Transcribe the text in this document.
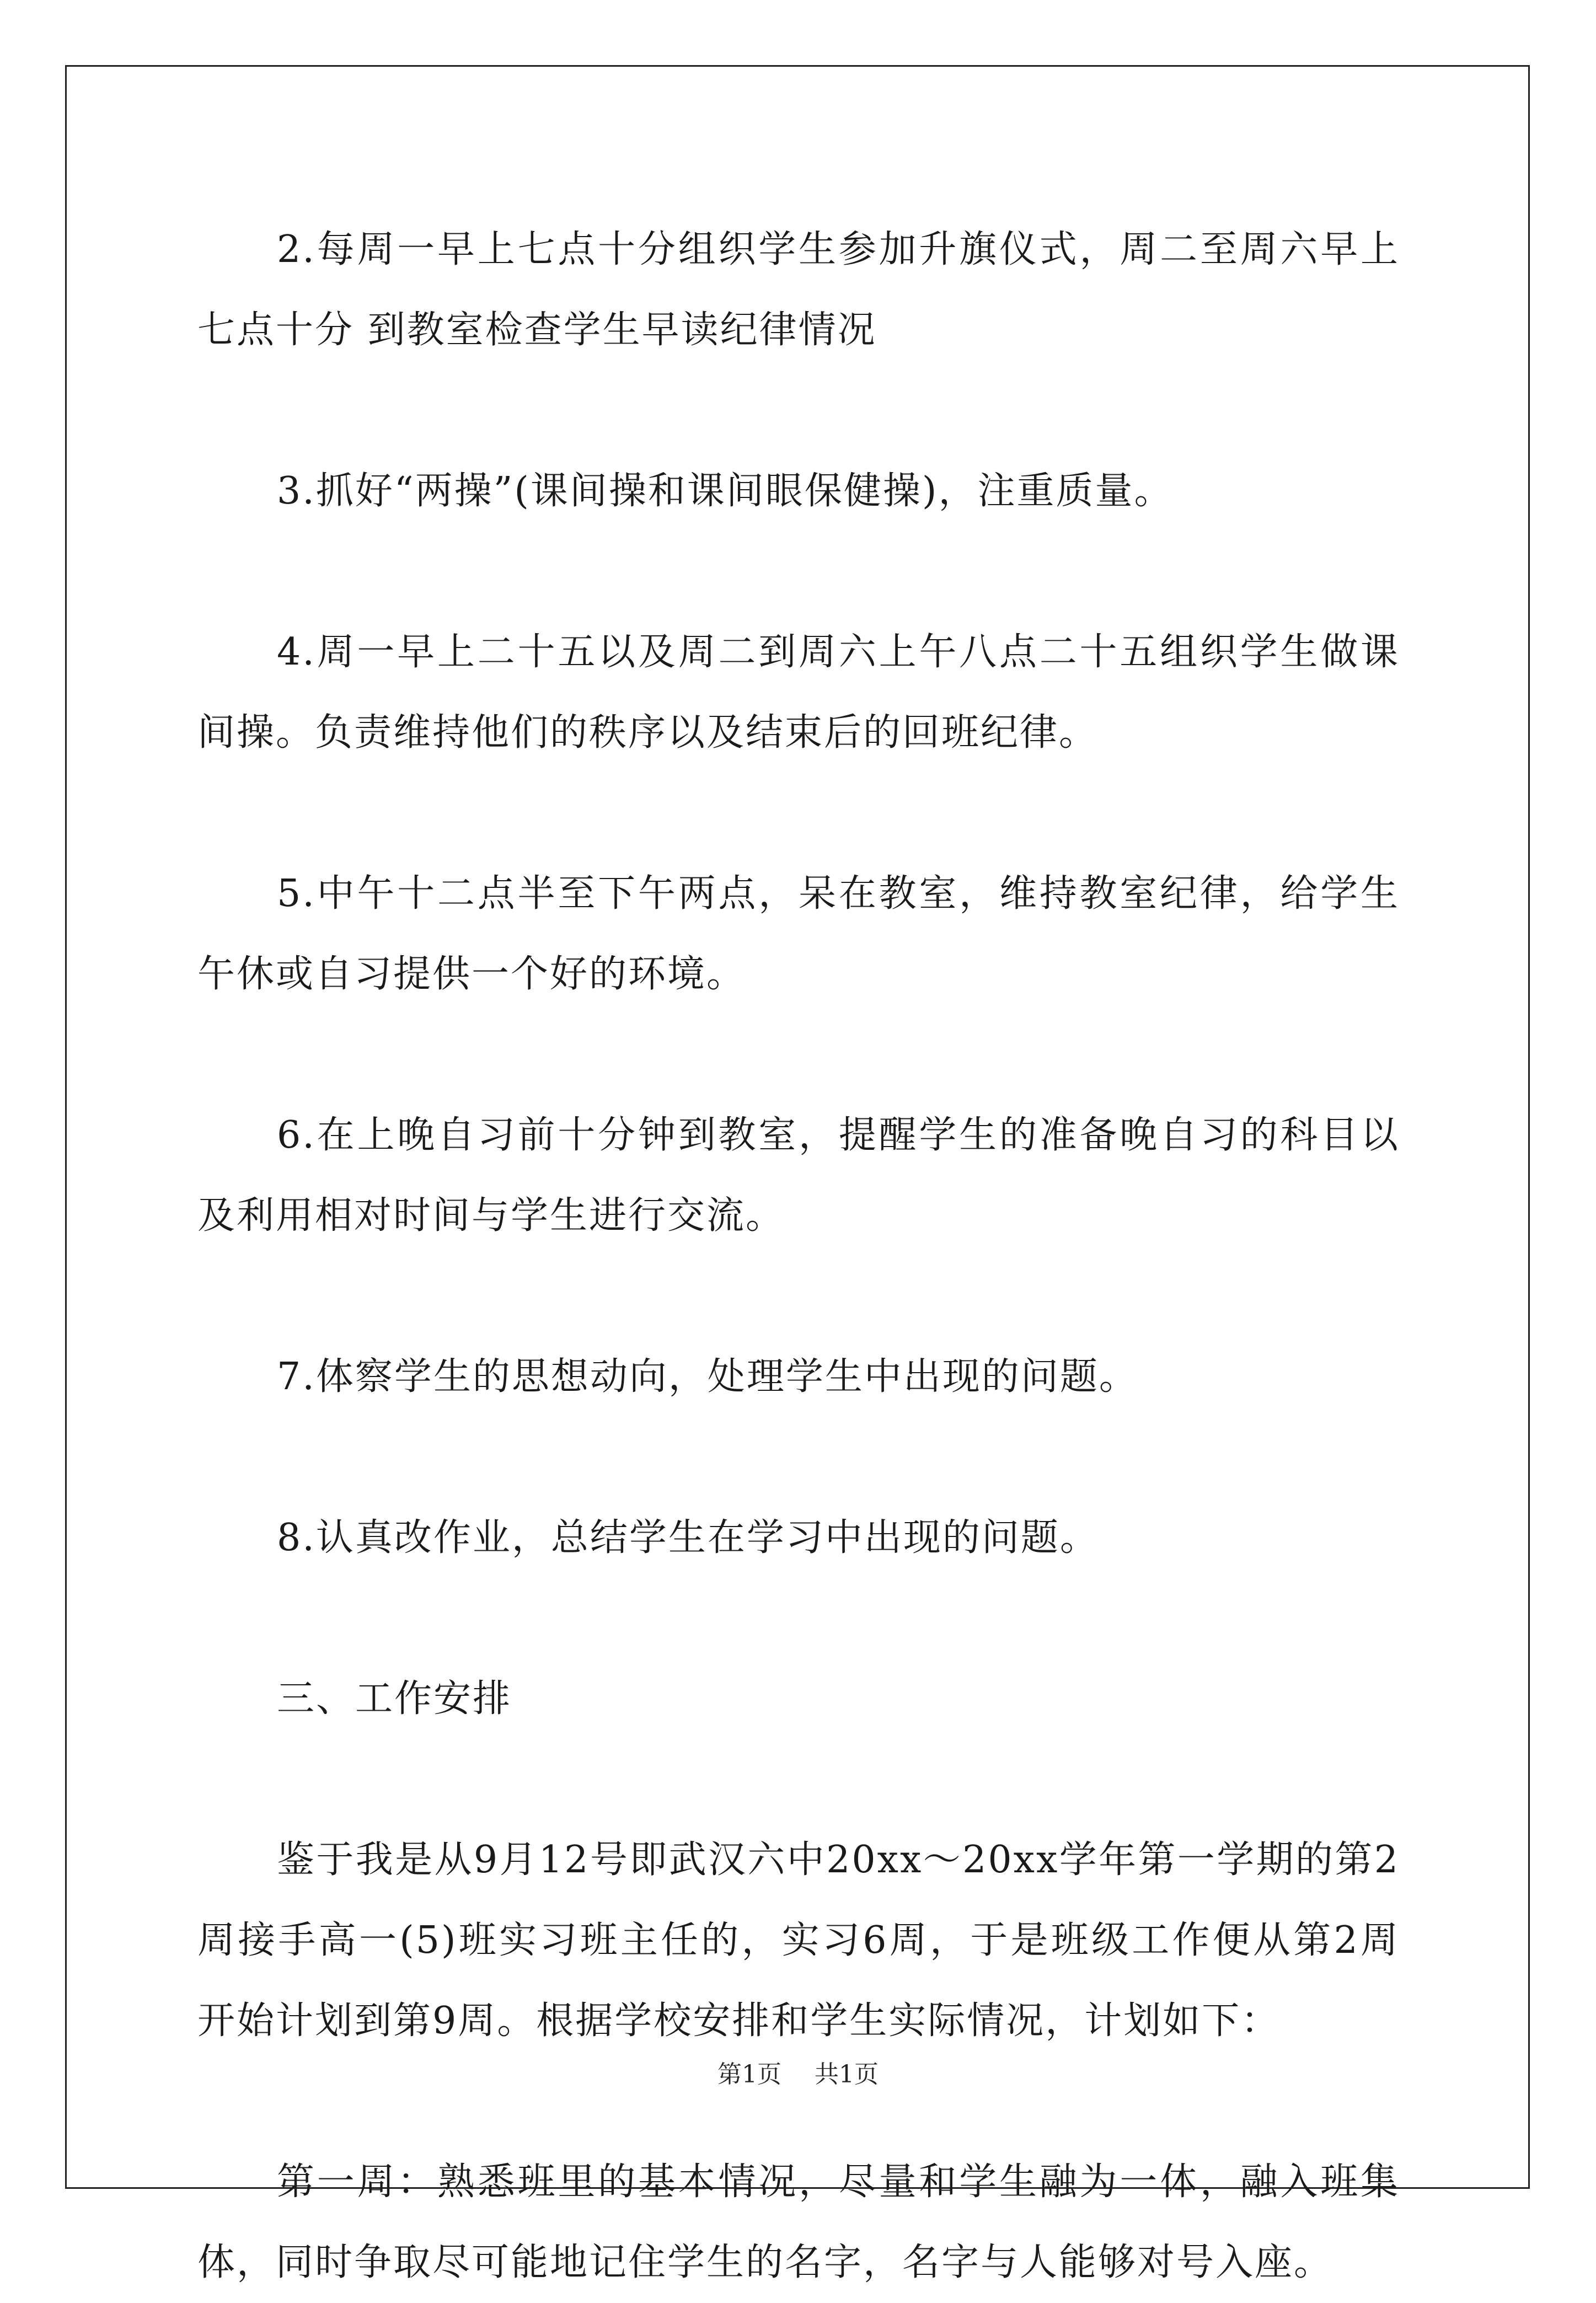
2.每周一早上七点十分组织学生参加升旗仪式，周二至周六早上七点十分 到教室检查学生早读纪律情况

3.抓好“两操”(课间操和课间眼保健操)，注重质量。

4.周一早上二十五以及周二到周六上午八点二十五组织学生做课间操。负责维持他们的秩序以及结束后的回班纪律。

5.中午十二点半至下午两点，呆在教室，维持教室纪律，给学生午休或自习提供一个好的环境。

6.在上晚自习前十分钟到教室，提醒学生的准备晚自习的科目以及利用相对时间与学生进行交流。

7.体察学生的思想动向，处理学生中出现的问题。

8.认真改作业，总结学生在学习中出现的问题。

三、工作安排

鉴于我是从9月12号即武汉六中20xx～20xx学年第一学期的第2周接手高一(5)班实习班主任的，实习6周，于是班级工作便从第2周开始计划到第9周。根据学校安排和学生实际情况，计划如下：

第一周：熟悉班里的基本情况，尽量和学生融为一体，融入班集体，同时争取尽可能地记住学生的名字，名字与人能够对号入座。

第1页 共1页
